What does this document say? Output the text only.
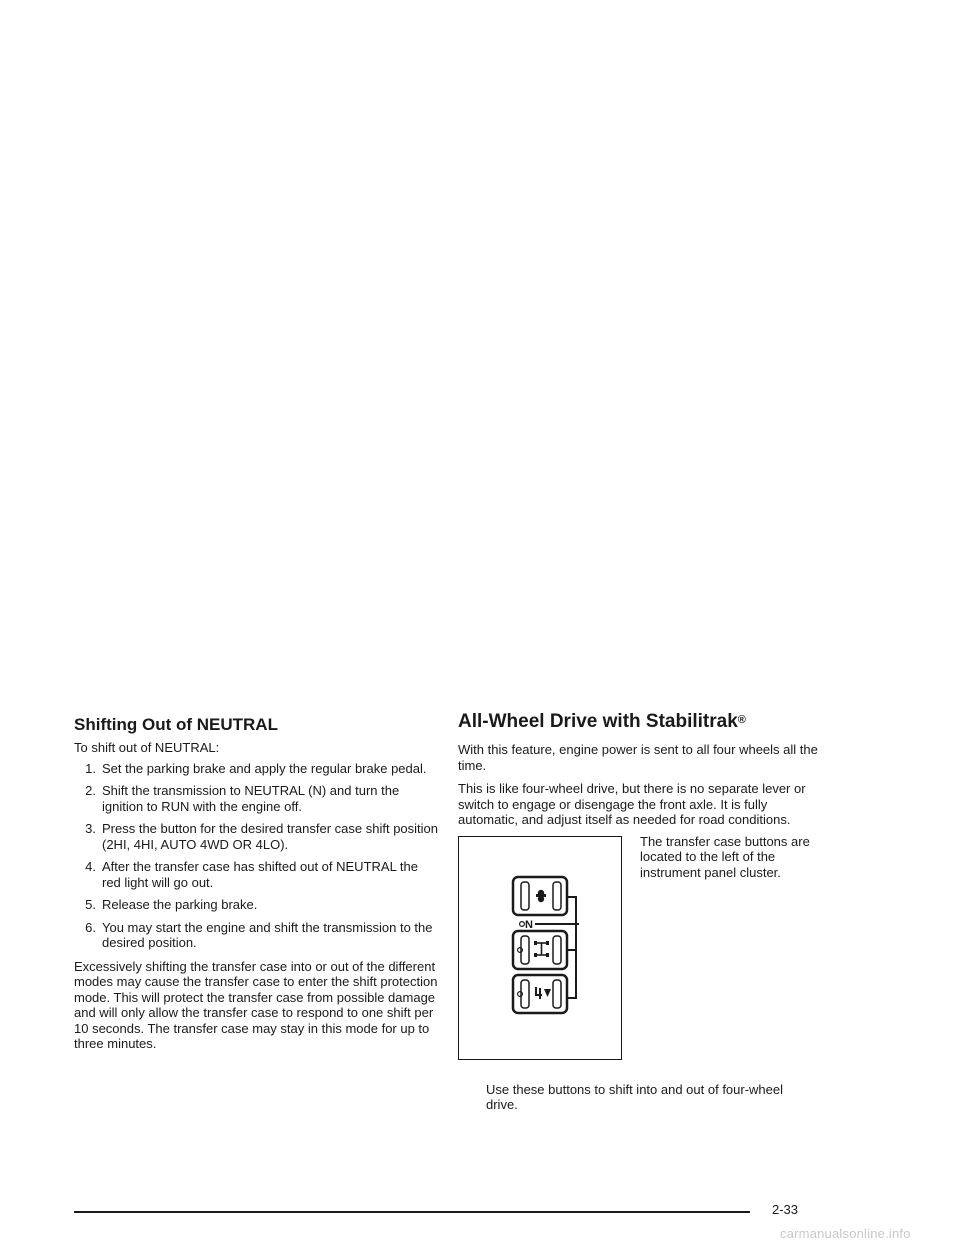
Shifting Out of NEUTRAL

To shift out of NEUTRAL:

1. Set the parking brake and apply the regular brake pedal.
2. Shift the transmission to NEUTRAL (N) and turn the ignition to RUN with the engine off.
3. Press the button for the desired transfer case shift position (2HI, 4HI, AUTO 4WD OR 4LO).
4. After the transfer case has shifted out of NEUTRAL the red light will go out.
5. Release the parking brake.
6. You may start the engine and shift the transmission to the desired position.

Excessively shifting the transfer case into or out of the different modes may cause the transfer case to enter the shift protection mode. This will protect the transfer case from possible damage and will only allow the transfer case to respond to one shift per 10 seconds. The transfer case may stay in this mode for up to three minutes.

All-Wheel Drive with Stabilitrak®

With this feature, engine power is sent to all four wheels all the time.

This is like four-wheel drive, but there is no separate lever or switch to engage or disengage the front axle. It is fully automatic, and adjust itself as needed for road conditions.

N

The transfer case buttons are located to the left of the instrument panel cluster.

Use these buttons to shift into and out of four-wheel drive.

2-33
carmanualsonline.info
